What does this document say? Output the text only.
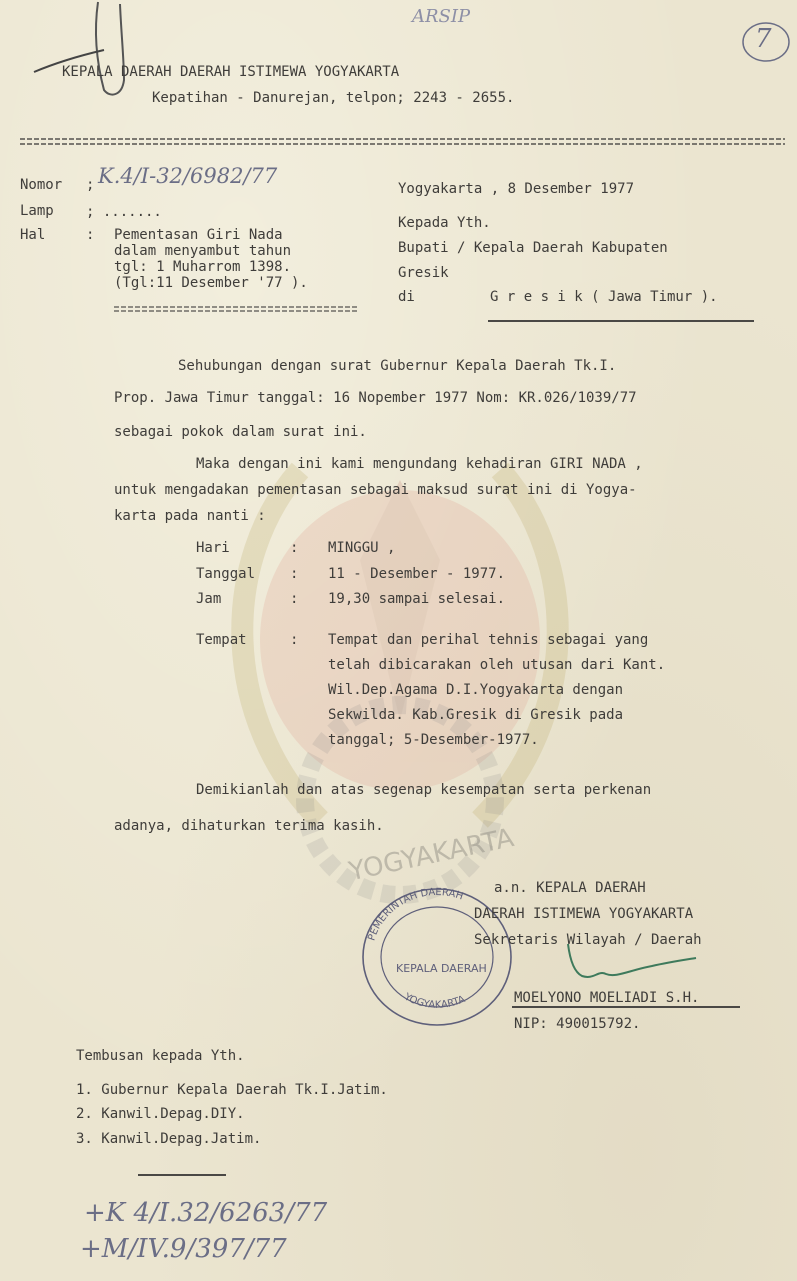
YOGYAKARTA
ARSIP
7
KEPALA DAERAH DAERAH ISTIMEWA YOGYAKARTA
Kepatihan - Danurejan, telpon; 2243 - 2655.
Nomor ; K.4/I-32/6982/77
Lamp ; .......
Hal	: Pementasan Giri Nada
dalam menyambut tahun
tgl: 1 Muharrom 1398.
(Tgl:11 Desember '77 ).
Yogyakarta , 8 Desember 1977
Kepada Yth.
Bupati / Kepala Daerah Kabupaten
Gresik
di	G r e s i k ( Jawa Timur ).
Sehubungan dengan surat Gubernur Kepala Daerah Tk.I.
Prop. Jawa Timur tanggal: 16 Nopember 1977 Nom: KR.026/1039/77
sebagai pokok dalam surat ini.
Maka dengan ini kami mengundang kehadiran GIRI NADA ,
untuk mengadakan pementasan sebagai maksud surat ini di Yogya-
karta pada nanti :
Hari	: MINGGU ,
Tanggal : 11 - Desember - 1977.
Jam	: 19,30 sampai selesai.
Tempat	: Tempat dan perihal tehnis sebagai yang
telah dibicarakan oleh utusan dari Kant.
Wil.Dep.Agama D.I.Yogyakarta dengan
Sekwilda. Kab.Gresik di Gresik pada
tanggal; 5-Desember-1977.
Demikianlah dan atas segenap kesempatan serta perkenan
adanya, dihaturkan terima kasih.
PEMERINTAH DAERAH
YOGYAKARTA
KEPALA DAERAH
a.n. KEPALA DAERAH
DAERAH ISTIMEWA YOGYAKARTA
Sekretaris Wilayah / Daerah
MOELYONO MOELIADI S.H.
NIP: 490015792.
Tembusan kepada Yth.
1. Gubernur Kepala Daerah Tk.I.Jatim.
2. Kanwil.Depag.DIY.
3. Kanwil.Depag.Jatim.
+K 4/I.32/6263/77
+M/IV.9/397/77
